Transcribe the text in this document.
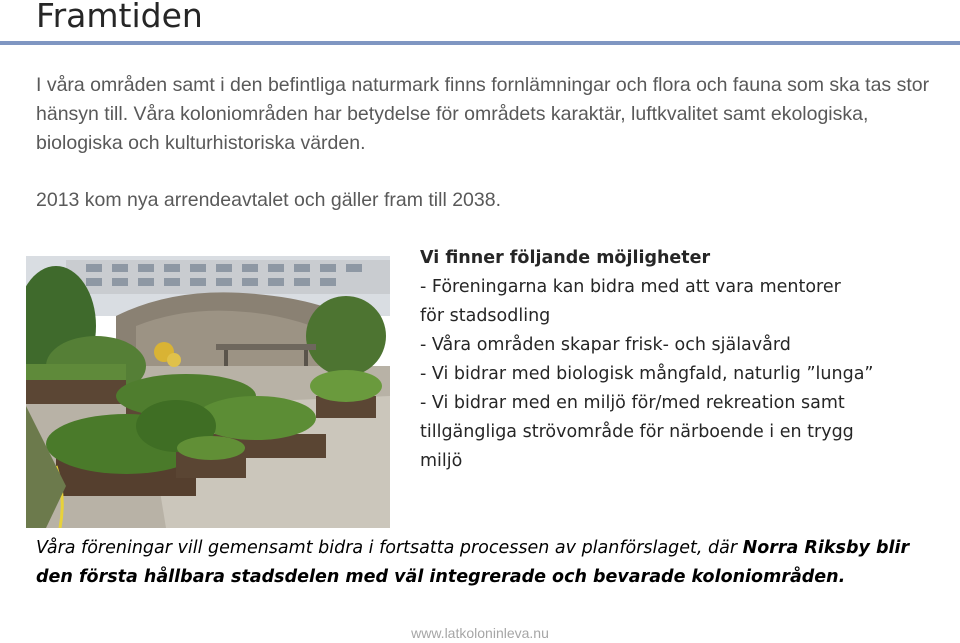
Framtiden

I våra områden samt i den befintliga naturmark finns fornlämningar och flora och fauna som ska tas stor hänsyn till. Våra koloniområden har betydelse för områdets karaktär, luftkvalitet samt ekologiska, biologiska och kulturhistoriska värden.

2013 kom nya arrendeavtalet och gäller fram till 2038.

Vi finner följande möjligheter
- Föreningarna kan bidra med att vara mentorer
för stadsodling
- Våra områden skapar frisk- och själavård
- Vi bidrar med biologisk mångfald, naturlig ”lunga”
- Vi bidrar med en miljö för/med rekreation samt
tillgängliga strövområde för närboende i en trygg
miljö

Våra föreningar vill gemensamt bidra i fortsatta processen av planförslaget, där Norra Riksby blir den första hållbara stadsdelen med väl integrerade och bevarade koloniområden.

www.latkoloninleva.nu
